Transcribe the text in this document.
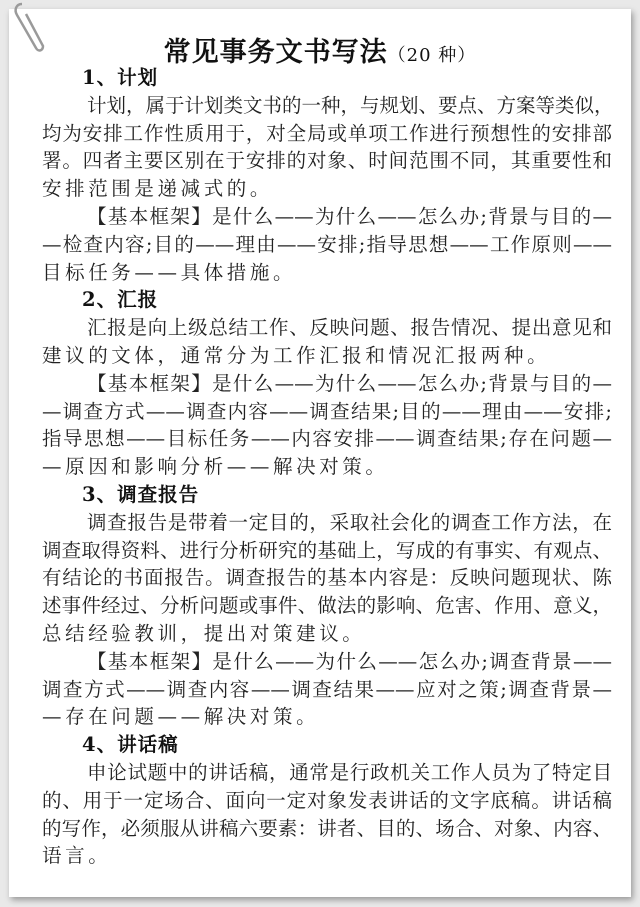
常见事务文书写法（20 种）
1、计划
计划，属于计划类文书的一种，与规划、要点、方案等类似，
均为安排工作性质用于，对全局或单项工作进行预想性的安排部
署。四者主要区别在于安排的对象、时间范围不同，其重要性和
安排范围是递减式的。
【基本框架】是什么——为什么——怎么办;背景与目的—
—检查内容;目的——理由——安排;指导思想——工作原则——
目标任务——具体措施。
2、汇报
汇报是向上级总结工作、反映问题、报告情况、提出意见和
建议的文体，通常分为工作汇报和情况汇报两种。
【基本框架】是什么——为什么——怎么办;背景与目的—
—调查方式——调查内容——调查结果;目的——理由——安排;
指导思想——目标任务——内容安排——调查结果;存在问题—
—原因和影响分析——解决对策。
3、调查报告
调查报告是带着一定目的，采取社会化的调查工作方法，在
调查取得资料、进行分析研究的基础上，写成的有事实、有观点、
有结论的书面报告。调查报告的基本内容是：反映问题现状、陈
述事件经过、分析问题或事件、做法的影响、危害、作用、意义，
总结经验教训，提出对策建议。
【基本框架】是什么——为什么——怎么办;调查背景——
调查方式——调查内容——调查结果——应对之策;调查背景—
—存在问题——解决对策。
4、讲话稿
申论试题中的讲话稿，通常是行政机关工作人员为了特定目
的、用于一定场合、面向一定对象发表讲话的文字底稿。讲话稿
的写作，必须服从讲稿六要素：讲者、目的、场合、对象、内容、
语言。
